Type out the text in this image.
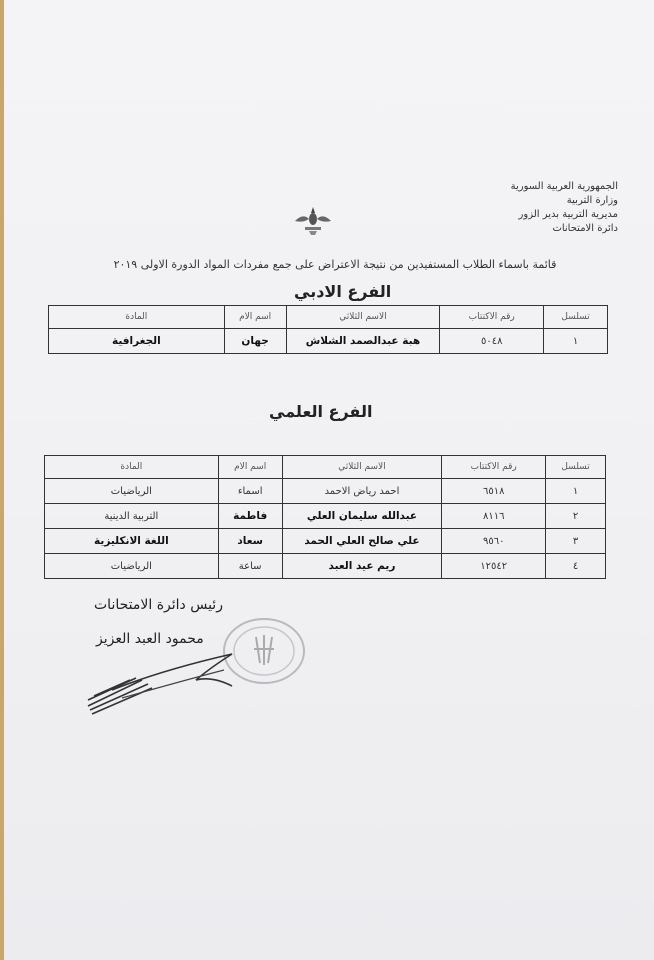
الجمهورية العربية السورية
وزارة التربية
مديرية التربية بدير الزور
دائرة الامتحانات
قائمة باسماء الطلاب المستفيدين من نتيجة الاعتراض على جمع مفردات المواد الدورة الاولى ٢٠١٩
الفرع الادبي
تسلسل	رقم الاكتتاب	الاسم الثلاثي	اسم الام	المادة
١	٥٠٤٨	هبة عبدالصمد الشلاش	جهان	الجغرافية
الفرع العلمي
تسلسل	رقم الاكتتاب	الاسم الثلاثي	اسم الام	المادة
١	٦٥١٨	احمد رياض الاحمد	اسماء	الرياضيات
٢	٨١١٦	عبدالله سليمان العلي	فاطمة	التربية الدينية
٣	٩٥٦٠	علي صالح العلي الحمد	سعاد	اللغة الانكليزية
٤	١٢٥٤٢	ريم عيد العبد	ساعة	الرياضيات
رئيس دائرة الامتحانات
محمود العبد العزيز
